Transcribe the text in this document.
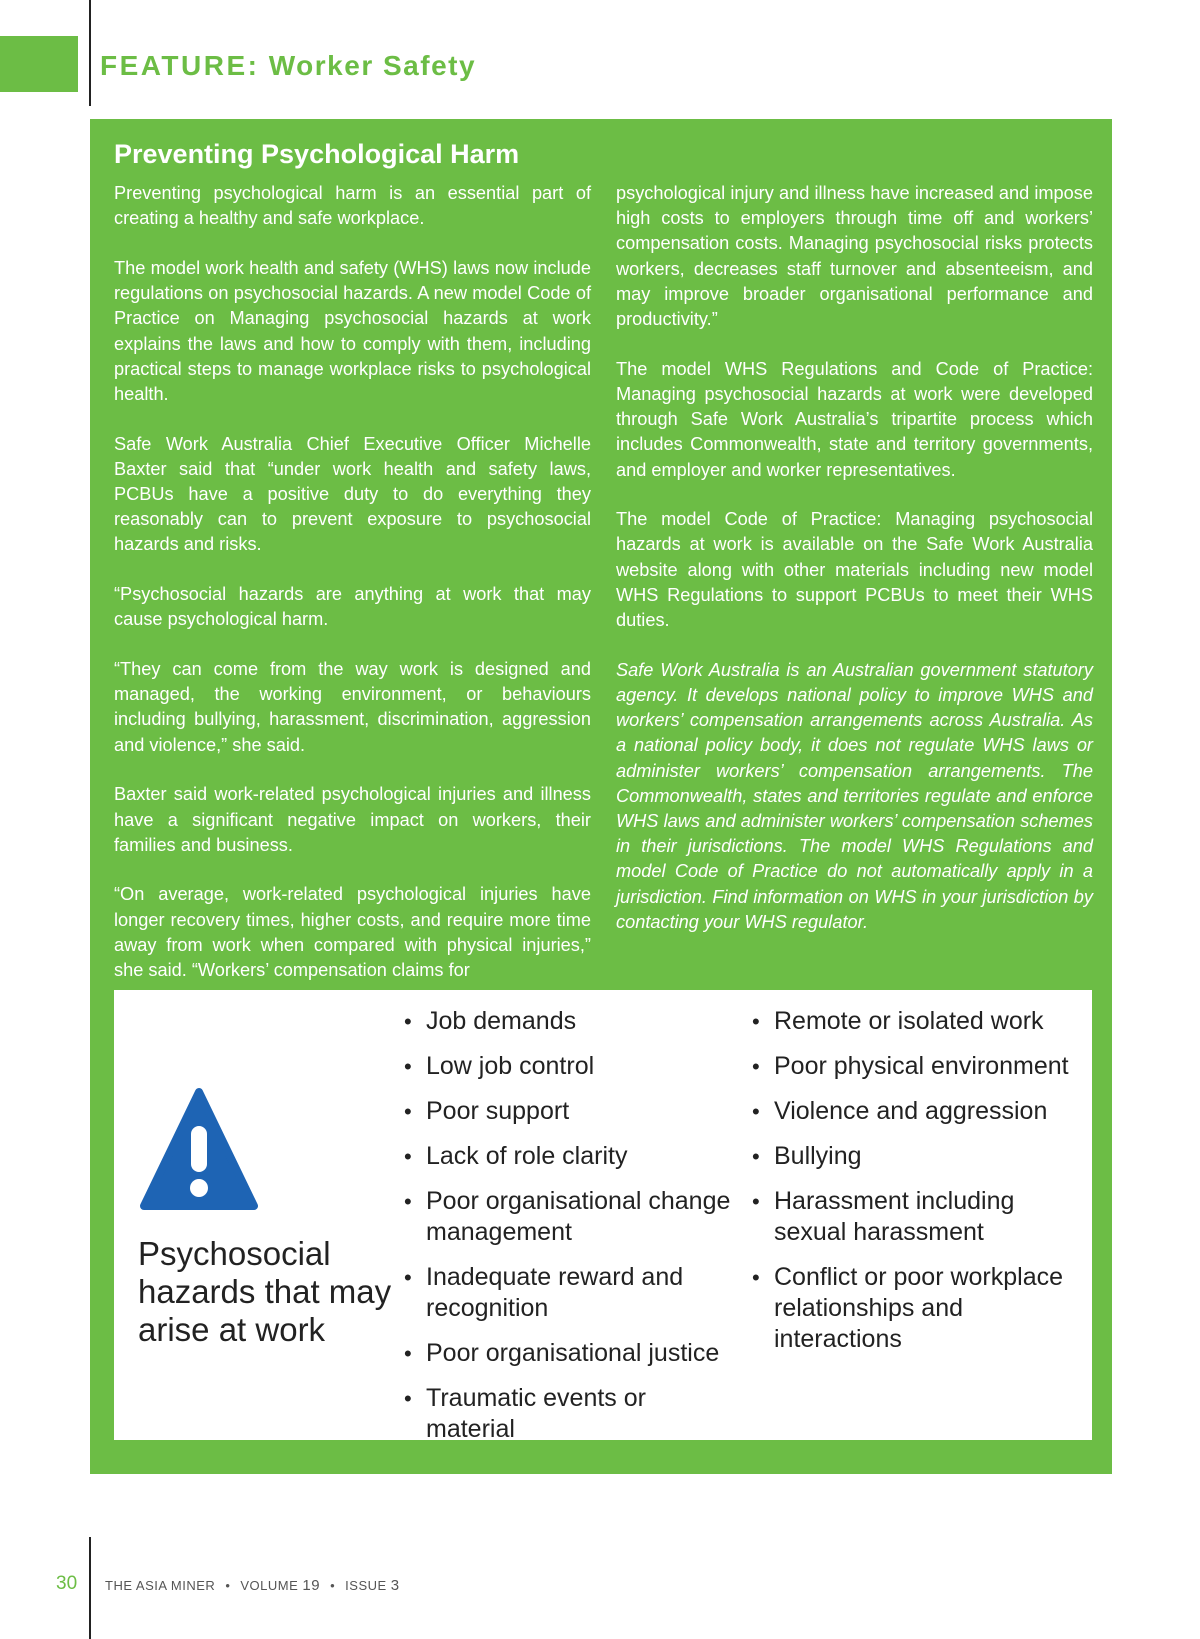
FEATURE: Worker Safety
Preventing Psychological Harm

Preventing psychological harm is an essential part of creating a healthy and safe workplace.

The model work health and safety (WHS) laws now include regulations on psychosocial hazards. A new model Code of Practice on Managing psychosocial hazards at work explains the laws and how to comply with them, including practical steps to manage workplace risks to psychological health.

Safe Work Australia Chief Executive Officer Michelle Baxter said that “under work health and safety laws, PCBUs have a positive duty to do everything they reasonably can to prevent exposure to psychosocial hazards and risks.

“Psychosocial hazards are anything at work that may cause psychological harm.

“They can come from the way work is designed and managed, the working environment, or behaviours including bullying, harassment, discrimination, aggression and violence,” she said.

Baxter said work-related psychological injuries and illness have a significant negative impact on workers, their families and business.

“On average, work-related psychological injuries have longer recovery times, higher costs, and require more time away from work when compared with physical injuries,” she said. “Workers’ compensation claims for

psychological injury and illness have increased and impose high costs to employers through time off and workers’ compensation costs. Managing psychosocial risks protects workers, decreases staff turnover and absenteeism, and may improve broader organisational performance and productivity.”

The model WHS Regulations and Code of Practice: Managing psychosocial hazards at work were developed through Safe Work Australia’s tripartite process which includes Commonwealth, state and territory governments, and employer and worker representatives.

The model Code of Practice: Managing psychosocial hazards at work is available on the Safe Work Australia website along with other materials including new model WHS Regulations to support PCBUs to meet their WHS duties.

Safe Work Australia is an Australian government statutory agency. It develops national policy to improve WHS and workers’ compensation arrangements across Australia. As a national policy body, it does not regulate WHS laws or administer workers’ compensation arrangements. The Commonwealth, states and territories regulate and enforce WHS laws and administer workers’ compensation schemes in their jurisdictions. The model WHS Regulations and model Code of Practice do not automatically apply in a jurisdiction. Find information on WHS in your jurisdiction by contacting your WHS regulator.

Psychosocial hazards that may arise at work
• Job demands
• Low job control
• Poor support
• Lack of role clarity
• Poor organisational change management
• Inadequate reward and recognition
• Poor organisational justice
• Traumatic events or material
• Remote or isolated work
• Poor physical environment
• Violence and aggression
• Bullying
• Harassment including sexual harassment
• Conflict or poor workplace relationships and interactions
30 THE ASIA MINER • VOLUME 19 • ISSUE 3
